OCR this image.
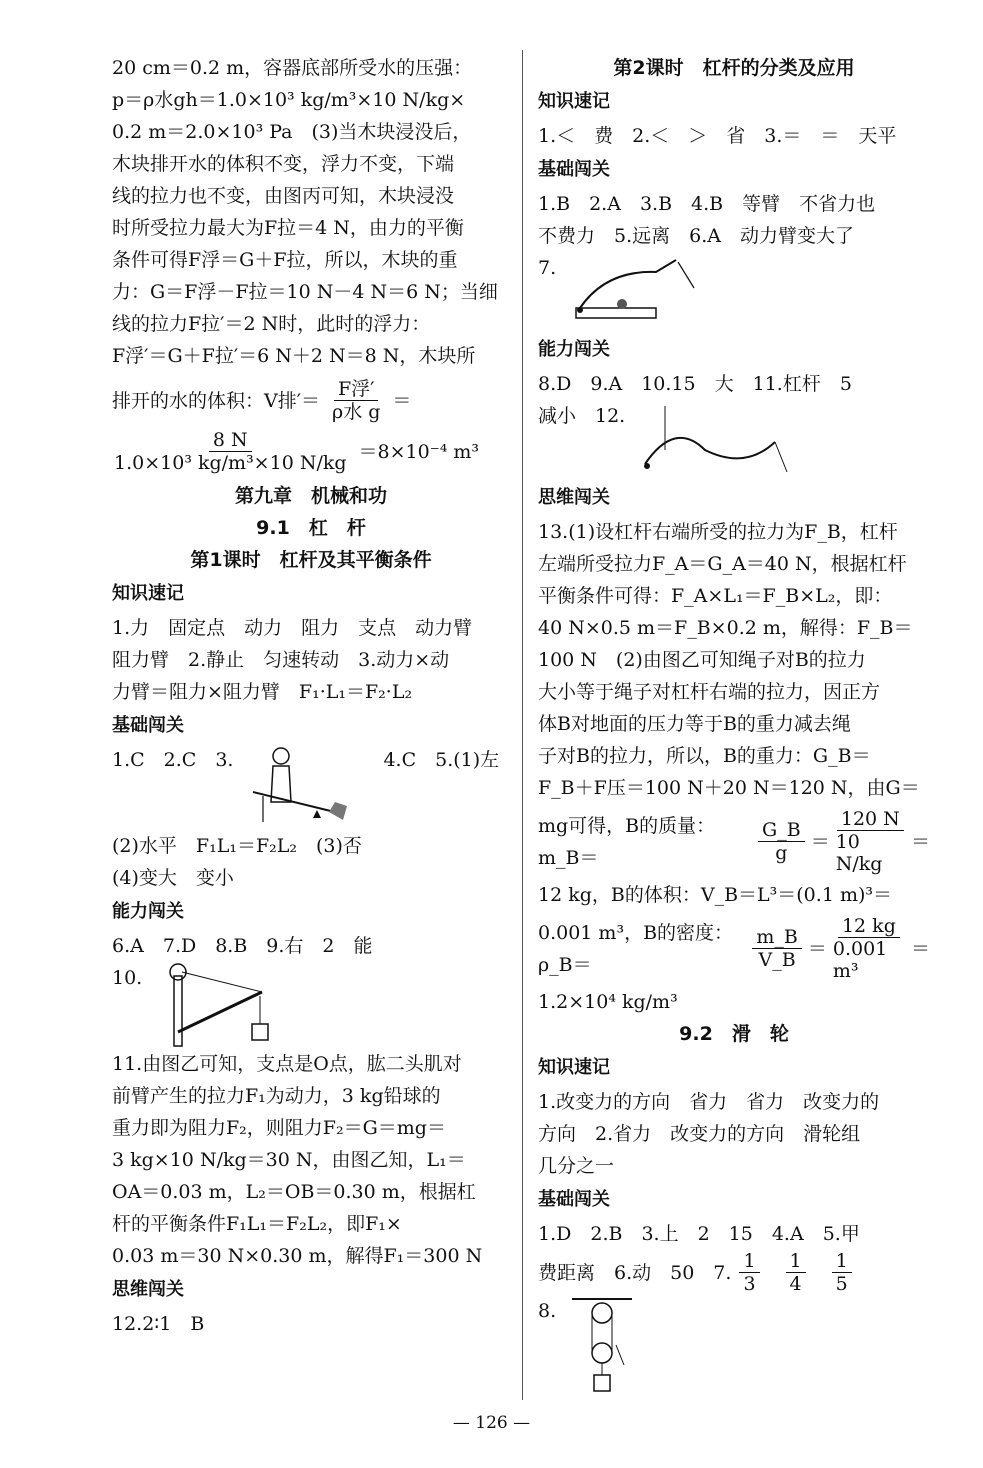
20 cm＝0.2 m，容器底部所受水的压强：

p＝ρ水gh＝1.0×10³ kg/m³×10 N/kg×

0.2 m＝2.0×10³ Pa　(3)当木块浸没后，

木块排开水的体积不变，浮力不变，下端

线的拉力也不变，由图丙可知，木块浸没

时所受拉力最大为F拉＝4 N，由力的平衡

条件可得F浮＝G＋F拉，所以，木块的重

力：G＝F浮－F拉＝10 N－4 N＝6 N；当细

线的拉力F拉′＝2 N时，此时的浮力：

F浮′＝G＋F拉′＝6 N＋2 N＝8 N，木块所

排开的水的体积：V排′＝ $\frac{\text{F浮′}}{\text{ρ水 g}}$ ＝
$\frac{8 N}{\text{1.0×10³ kg/m³×10 N/kg}} =8\times 10^{-4}$ m³

第九章　机械和功

9.1　杠　杆

第1课时　杠杆及其平衡条件

知识速记

1.力　固定点　动力　阻力　支点　动力臂

阻力臂　2.静止　匀速转动　3.动力×动

力臂＝阻力×阻力臂　F₁·L₁＝F₂·L₂

基础闯关

1.C　2.C　3.	4.C　5.(1)左

(2)水平　F₁L₁＝F₂L₂　(3)否

(4)变大　变小

能力闯关

6.A　7.D　8.B　9.右　2　能

10.

11.由图乙可知，支点是O点，肱二头肌对

前臂产生的拉力F₁为动力，3 kg铅球的

重力即为阻力F₂，则阻力F₂＝G＝mg＝

3 kg×10 N/kg＝30 N，由图乙知，L₁＝

OA＝0.03 m，L₂＝OB＝0.30 m，根据杠

杆的平衡条件F₁L₁＝F₂L₂，即F₁×

0.03 m＝30 N×0.30 m，解得F₁＝300 N

思维闯关

12.2∶1　B

第2课时　杠杆的分类及应用

知识速记

1.＜　费　2.＜　＞　省　3.＝　＝　天平

基础闯关

1.B　2.A　3.B　4.B　等臂　不省力也

不费力　5.远离　6.A　动力臂变大了

7.

能力闯关

8.D　9.A　10.15　大　11.杠杆　5

减小　12.

思维闯关

13.(1)设杠杆右端所受的拉力为F_B，杠杆

左端所受拉力F_A＝G_A＝40 N，根据杠杆

平衡条件可得：F_A×L₁＝F_B×L₂，即：

40 N×0.5 m＝F_B×0.2 m，解得：F_B＝

100 N　(2)由图乙可知绳子对B的拉力

大小等于绳子对杠杆右端的拉力，因正方

体B对地面的压力等于B的重力减去绳

子对B的拉力，所以，B的重力：G_B＝

F_B＋F压＝100 N＋20 N＝120 N，由G＝

mg可得，B的质量：m_B＝	$\frac{G\_B}{g} = \frac{120 N}{10 N/kg}$ ＝

12 kg，B的体积：V_B＝L³＝(0.1 m)³＝

0.001 m³，B的密度：ρ_B＝	$\frac{m\_B}{V\_B} = \frac{12 kg}{\text{0.001 m³}}$ ＝

1.2×10⁴ kg/m³

9.2　滑　轮

知识速记

1.改变力的方向　省力　省力　改变力的

方向　2.省力　改变力的方向　滑轮组

几分之一

基础闯关

1.D　2.B　3.上　2　15　4.A　5.甲

费距离　6.动　50　7. $\frac{1}{3} \frac{1}{4} \frac{1}{5}$
8.
— 126 —
